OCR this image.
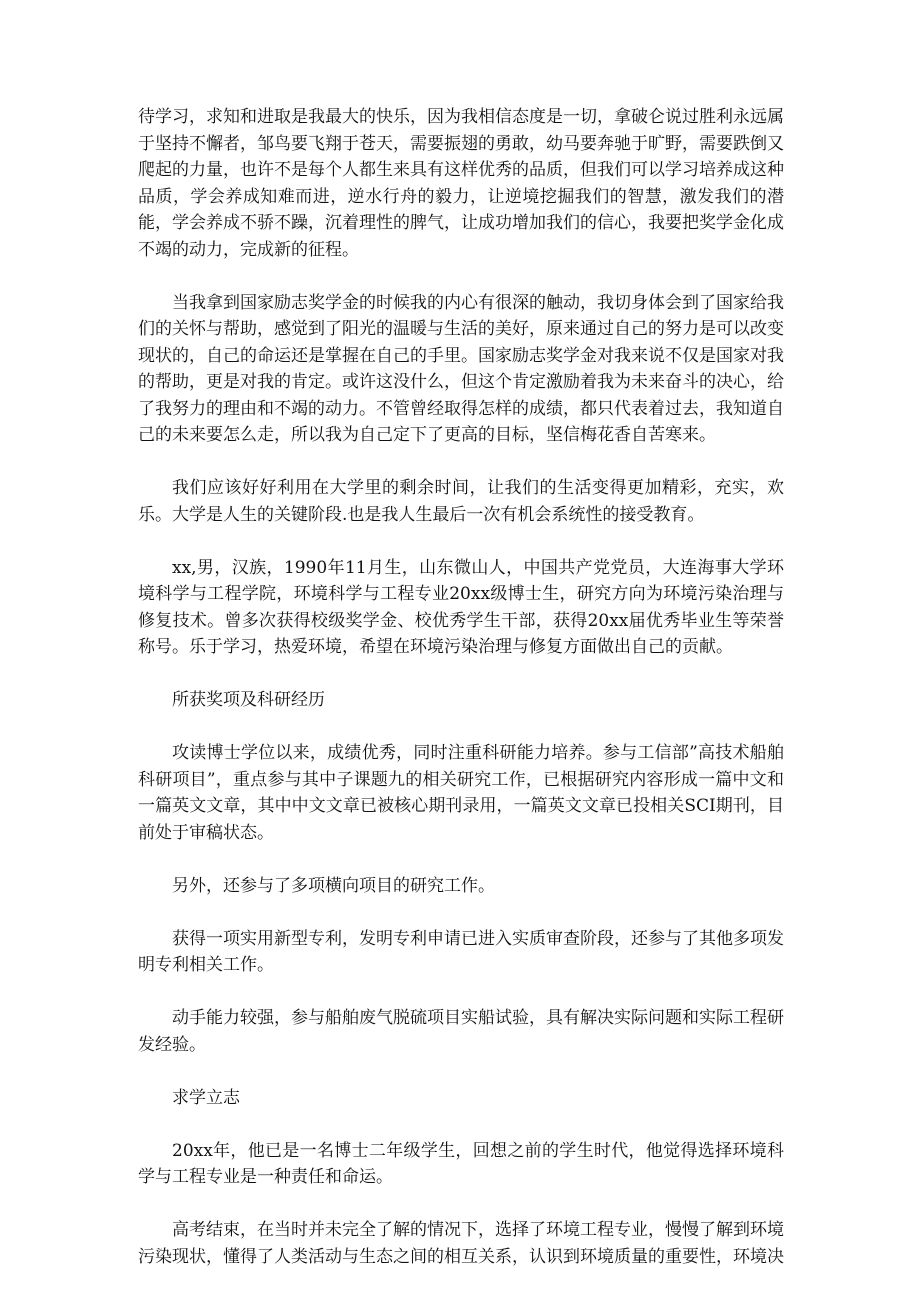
待学习，求知和进取是我最大的快乐，因为我相信态度是一切，拿破仑说过胜利永远属于坚持不懈者，邹鸟要飞翔于苍天，需要振翅的勇敢，幼马要奔驰于旷野，需要跌倒又爬起的力量，也许不是每个人都生来具有这样优秀的品质，但我们可以学习培养成这种品质，学会养成知难而进，逆水行舟的毅力，让逆境挖掘我们的智慧，激发我们的潜能，学会养成不骄不躁，沉着理性的脾气，让成功增加我们的信心，我要把奖学金化成不竭的动力，完成新的征程。

当我拿到国家励志奖学金的时候我的内心有很深的触动，我切身体会到了国家给我们的关怀与帮助，感觉到了阳光的温暖与生活的美好，原来通过自己的努力是可以改变现状的，自己的命运还是掌握在自己的手里。国家励志奖学金对我来说不仅是国家对我的帮助，更是对我的肯定。或许这没什么，但这个肯定激励着我为未来奋斗的决心，给了我努力的理由和不竭的动力。不管曾经取得怎样的成绩，都只代表着过去，我知道自己的未来要怎么走，所以我为自己定下了更高的目标，坚信梅花香自苦寒来。

我们应该好好利用在大学里的剩余时间，让我们的生活变得更加精彩，充实，欢乐。大学是人生的关键阶段.也是我人生最后一次有机会系统性的接受教育。

xx,男，汉族，1990年11月生，山东微山人，中国共产党党员，大连海事大学环境科学与工程学院，环境科学与工程专业20xx级博士生，研究方向为环境污染治理与修复技术。曾多次获得校级奖学金、校优秀学生干部，获得20xx届优秀毕业生等荣誉称号。乐于学习，热爱环境，希望在环境污染治理与修复方面做出自己的贡献。

所获奖项及科研经历

攻读博士学位以来，成绩优秀，同时注重科研能力培养。参与工信部”高技术船舶科研项目”，重点参与其中子课题九的相关研究工作，已根据研究内容形成一篇中文和一篇英文文章，其中中文文章已被核心期刊录用，一篇英文文章已投相关SCI期刊，目前处于审稿状态。

另外，还参与了多项横向项目的研究工作。

获得一项实用新型专利，发明专利申请已进入实质审查阶段，还参与了其他多项发明专利相关工作。

动手能力较强，参与船舶废气脱硫项目实船试验，具有解决实际问题和实际工程研发经验。

求学立志

20xx年，他已是一名博士二年级学生，回想之前的学生时代，他觉得选择环境科学与工程专业是一种责任和命运。

高考结束，在当时并未完全了解的情况下，选择了环境工程专业，慢慢了解到环境污染现状，懂得了人类活动与生态之间的相互关系，认识到环境质量的重要性，环境决
